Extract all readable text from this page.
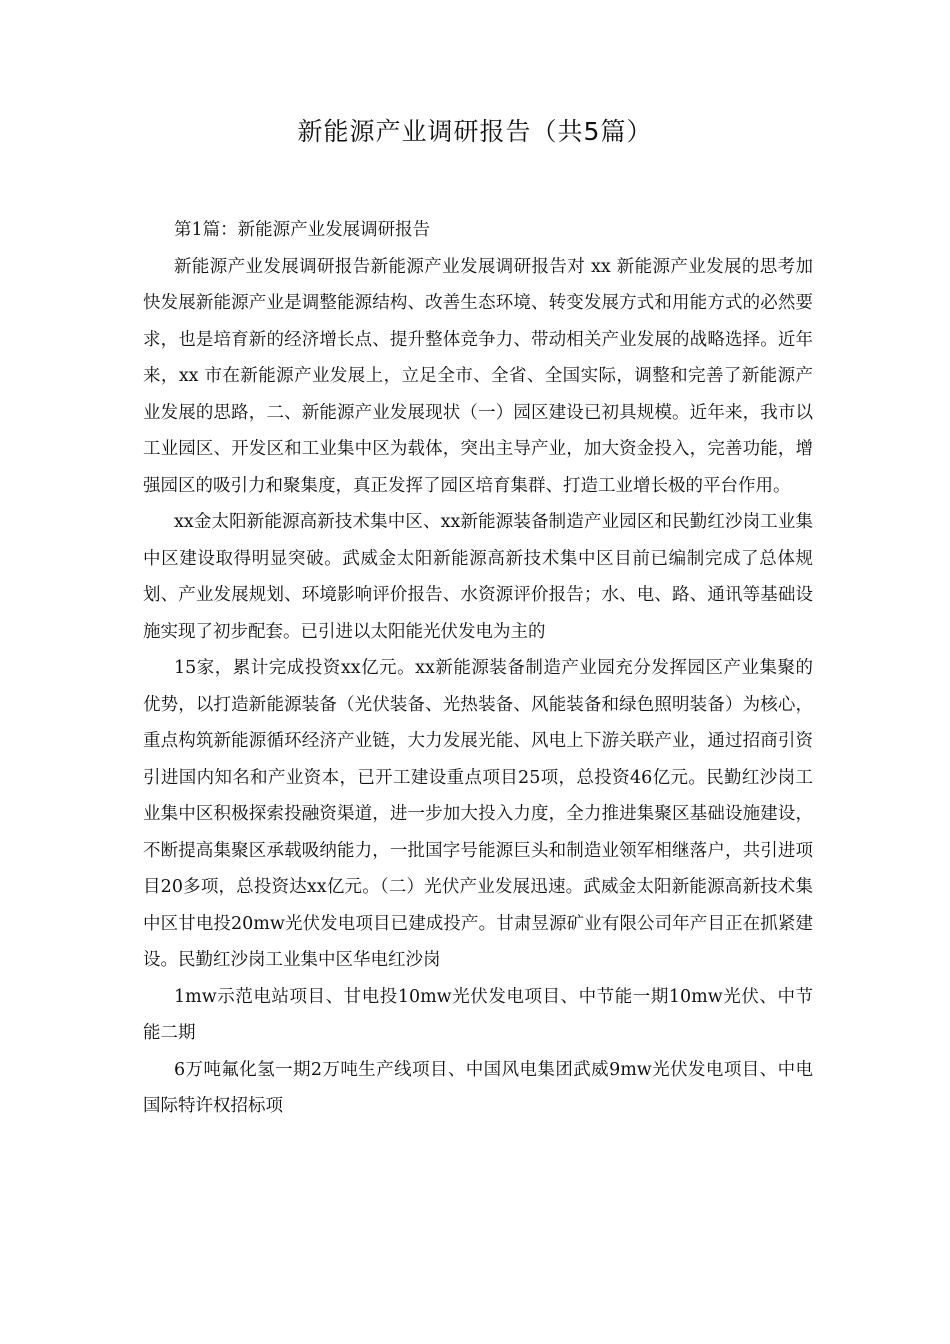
新能源产业调研报告（共5篇）

第1篇：新能源产业发展调研报告

新能源产业发展调研报告新能源产业发展调研报告对 xx 新能源产业发展的思考加快发展新能源产业是调整能源结构、改善生态环境、转变发展方式和用能方式的必然要求，也是培育新的经济增长点、提升整体竞争力、带动相关产业发展的战略选择。近年来，xx 市在新能源产业发展上，立足全市、全省、全国实际，调整和完善了新能源产业发展的思路，二、新能源产业发展现状（一）园区建设已初具规模。近年来，我市以工业园区、开发区和工业集中区为载体，突出主导产业，加大资金投入，完善功能，增强园区的吸引力和聚集度，真正发挥了园区培育集群、打造工业增长极的平台作用。

xx金太阳新能源高新技术集中区、xx新能源装备制造产业园区和民勤红沙岗工业集中区建设取得明显突破。武威金太阳新能源高新技术集中区目前已编制完成了总体规划、产业发展规划、环境影响评价报告、水资源评价报告；水、电、路、通讯等基础设施实现了初步配套。已引进以太阳能光伏发电为主的

15家，累计完成投资xx亿元。xx新能源装备制造产业园充分发挥园区产业集聚的优势，以打造新能源装备（光伏装备、光热装备、风能装备和绿色照明装备）为核心，重点构筑新能源循环经济产业链，大力发展光能、风电上下游关联产业，通过招商引资引进国内知名和产业资本，已开工建设重点项目25项，总投资46亿元。民勤红沙岗工业集中区积极探索投融资渠道，进一步加大投入力度，全力推进集聚区基础设施建设，不断提高集聚区承载吸纳能力，一批国字号能源巨头和制造业领军相继落户，共引进项目20多项，总投资达xx亿元。（二）光伏产业发展迅速。武威金太阳新能源高新技术集中区甘电投20mw光伏发电项目已建成投产。甘肃昱源矿业有限公司年产目正在抓紧建设。民勤红沙岗工业集中区华电红沙岗

1mw示范电站项目、甘电投10mw光伏发电项目、中节能一期10mw光伏、中节能二期

6万吨氟化氢一期2万吨生产线项目、中国风电集团武威9mw光伏发电项目、中电国际特许权招标项
